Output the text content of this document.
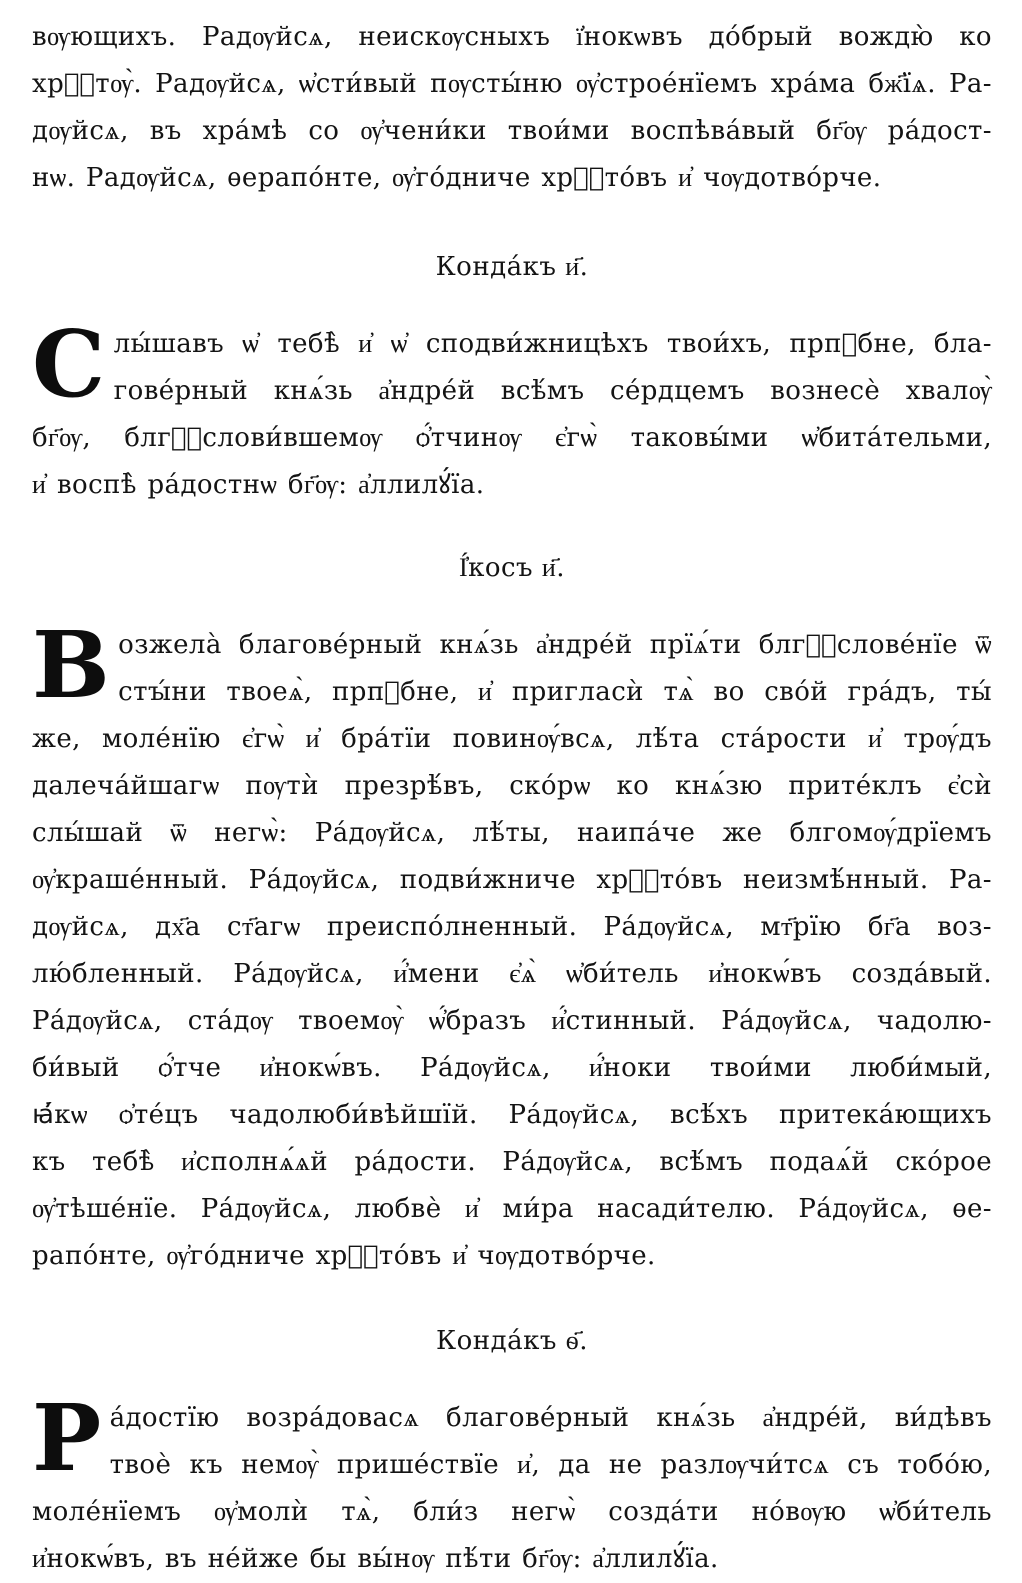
вѹющихъ. Радѹйсѧ, неискѹсныхъ ї҆нокѡвъ до́брый вождю̀ ко
хрⷭ҇тѹ̀. Радѹйсѧ, ѡ҆сти́вый пѹсты́ню ѹ҆строе́нїемъ хра́ма бж҃їѧ. Ра-
дѹйсѧ, въ хра́мѣ со ѹ҆чени́ки твои́ми воспѣва́вый бг҃ѹ ра́дост-
нѡ. Радѹйсѧ, ѳерапо́нте, ѹ҆го́дниче хрⷭ҇то́въ и҆ чѹдотво́рче.
Конда́къ и҃.
С лы́шавъ ѡ҆ тебѣ̀ и҆ ѡ҆ сподви́жницѣхъ твои́хъ, прпⷣбне, бла-
гове́рный кнѧ́зь а҆ндре́й всѣ́мъ се́рдцемъ вознесѐ хвалѹ̀
бг҃ѹ, блгⷭ҇слови́вшемѹ ѻ҆́тчинѹ є҆гѡ̀ таковы́ми ѡ҆бита́тельми,
и҆ воспѣ̀ ра́достнѡ бг҃ѹ: а҆ллилꙋ́їа.
І҆́косъ и҃.
В озжела̀ благове́рный кнѧ́зь а҆ндре́й прїѧ́ти блгⷭ҇слове́нїе ѿ
стꙑ́ни твоеѧ̀, прпⷣбне, и҆ пригласѝ тѧ̀ во сво́й гра́дъ, ты́
же, моле́нїю є҆гѡ̀ и҆ бра́тїи повинѹ́всѧ, лѣ́та ста́рости и҆ трѹ́дъ
далеча́йшагѡ пѹтѝ презрѣ́въ, ско́рѡ ко кнѧ́зю прите́клъ є҆сѝ
слы́шай ѿ негѡ̀: Ра́дѹйсѧ, лѣ́ты, наипа́че же блгомѹ́дрїемъ
ѹ҆краше́нный. Ра́дѹйсѧ, подви́жниче хрⷭ҇то́въ неизмѣ́нный. Ра-
дѹйсѧ, дх҃а ст҃агѡ преиспо́лненный. Ра́дѹйсѧ, мт҃рїю бг҃а воз-
лю́бленный. Ра́дѹйсѧ, и҆́мени є҆ѧ̀ ѡ҆би́тель и҆нокѡ́въ созда́вый.
Ра́дѹйсѧ, ста́дѹ твоемѹ̀ ѡ҆́бразъ и҆́стинный. Ра́дѹйсѧ, чадолю-
би́вый ѻ҆́тче и҆нокѡ́въ. Ра́дѹйсѧ, и҆́ноки твои́ми люби́мый,
ꙗ҆́кѡ ѻ҆те́цъ чадолюби́вѣйшїй. Ра́дѹйсѧ, всѣ́хъ притека́ющихъ
къ тебѣ̀ и҆сполнѧ́ѧй ра́дости. Ра́дѹйсѧ, всѣ́мъ подаѧ́й ско́рое
ѹ҆тѣше́нїе. Ра́дѹйсѧ, любвѐ и҆ ми́ра насади́телю. Ра́дѹйсѧ, ѳе-
рапо́нте, ѹ҆го́дниче хрⷭ҇то́въ и҆ чѹдотво́рче.
Конда́къ ѳ҃.
Р а́достїю возра́довасѧ благове́рный кнѧ́зь а҆ндре́й, ви́дѣвъ
твоѐ къ немѹ̀ прише́ствїе и҆, да не разлѹчи́тсѧ съ тобо́ю,
моле́нїемъ ѹ҆молѝ тѧ̀, бли́з негѡ̀ созда́ти но́вѹю ѡ҆би́тель
и҆нокѡ́въ, въ не́йже бы вы́нѹ пѣ́ти бг҃ѹ: а҆ллилꙋ́їа.
